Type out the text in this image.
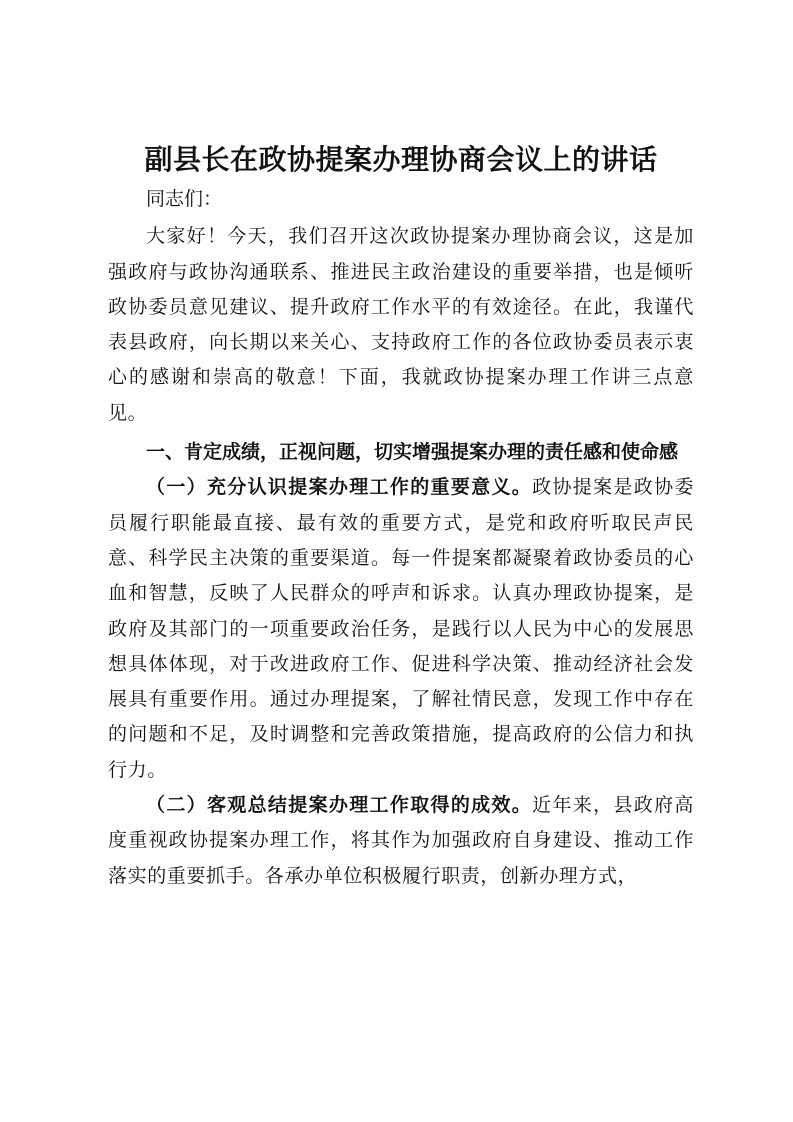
副县长在政协提案办理协商会议上的讲话

同志们：

大家好！今天，我们召开这次政协提案办理协商会议，这是加强政府与政协沟通联系、推进民主政治建设的重要举措，也是倾听政协委员意见建议、提升政府工作水平的有效途径。在此，我谨代表县政府，向长期以来关心、支持政府工作的各位政协委员表示衷心的感谢和崇高的敬意！下面，我就政协提案办理工作讲三点意见。

一、肯定成绩，正视问题，切实增强提案办理的责任感和使命感

（一）充分认识提案办理工作的重要意义。政协提案是政协委员履行职能最直接、最有效的重要方式，是党和政府听取民声民意、科学民主决策的重要渠道。每一件提案都凝聚着政协委员的心血和智慧，反映了人民群众的呼声和诉求。认真办理政协提案，是政府及其部门的一项重要政治任务，是践行以人民为中心的发展思想具体体现，对于改进政府工作、促进科学决策、推动经济社会发展具有重要作用。通过办理提案，了解社情民意，发现工作中存在的问题和不足，及时调整和完善政策措施，提高政府的公信力和执行力。

（二）客观总结提案办理工作取得的成效。近年来，县政府高度重视政协提案办理工作，将其作为加强政府自身建设、推动工作落实的重要抓手。各承办单位积极履行职责，创新办理方式，
